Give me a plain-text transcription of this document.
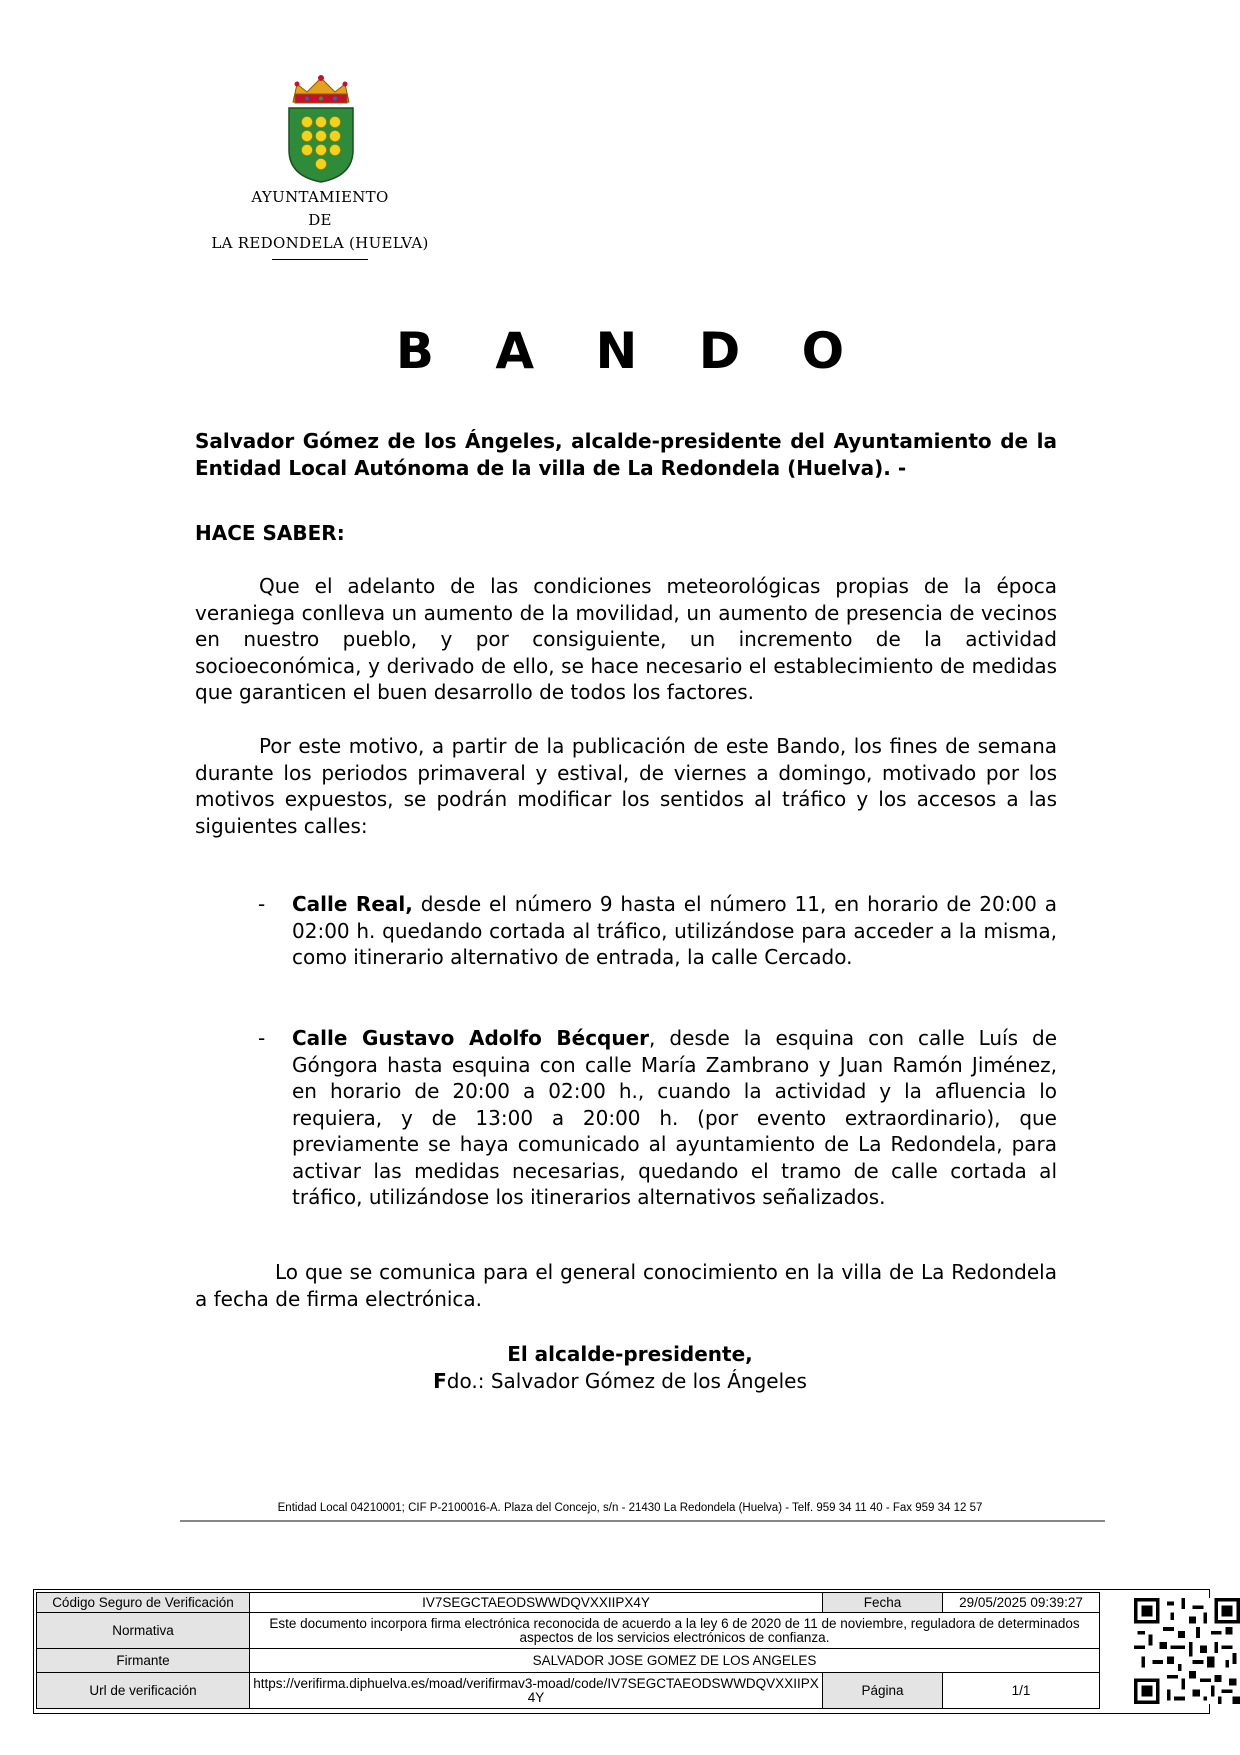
AYUNTAMIENTO
DE
LA REDONDELA (HUELVA)
B A N D O
Salvador Gómez de los Ángeles, alcalde-presidente del Ayuntamiento de la Entidad Local Autónoma de la villa de La Redondela (Huelva). -
HACE SABER:
Que el adelanto de las condiciones meteorológicas propias de la época veraniega conlleva un aumento de la movilidad, un aumento de presencia de vecinos en nuestro pueblo, y por consiguiente, un incremento de la actividad socioeconómica, y derivado de ello, se hace necesario el establecimiento de medidas que garanticen el buen desarrollo de todos los factores.
Por este motivo, a partir de la publicación de este Bando, los fines de semana durante los periodos primaveral y estival, de viernes a domingo, motivado por los motivos expuestos, se podrán modificar los sentidos al tráfico y los accesos a las siguientes calles:
- Calle Real, desde el número 9 hasta el número 11, en horario de 20:00 a 02:00 h. quedando cortada al tráfico, utilizándose para acceder a la misma, como itinerario alternativo de entrada, la calle Cercado.
- Calle Gustavo Adolfo Bécquer, desde la esquina con calle Luís de Góngora hasta esquina con calle María Zambrano y Juan Ramón Jiménez, en horario de 20:00 a 02:00 h., cuando la actividad y la afluencia lo requiera, y de 13:00 a 20:00 h. (por evento extraordinario), que previamente se haya comunicado al ayuntamiento de La Redondela, para activar las medidas necesarias, quedando el tramo de calle cortada al tráfico, utilizándose los itinerarios alternativos señalizados.
Lo que se comunica para el general conocimiento en la villa de La Redondela a fecha de firma electrónica.
El alcalde-presidente,
Fdo.: Salvador Gómez de los Ángeles
Entidad Local 04210001; CIF P-2100016-A. Plaza del Concejo, s/n - 21430 La Redondela (Huelva) - Telf. 959 34 11 40 - Fax 959 34 12 57
Código Seguro de Verificación	IV7SEGCTAEODSWWDQVXXIIPX4Y	Fecha	29/05/2025 09:39:27
Normativa	Este documento incorpora firma electrónica reconocida de acuerdo a la ley 6 de 2020 de 11 de noviembre, reguladora de determinados aspectos de los servicios electrónicos de confianza.		
Firmante	SALVADOR JOSE GOMEZ DE LOS ANGELES		
Url de verificación	https://verifirma.diphuelva.es/moad/verifirmav3-moad/code/IV7SEGCTAEODSWWDQVXXIIPX4Y	Página	1/1
